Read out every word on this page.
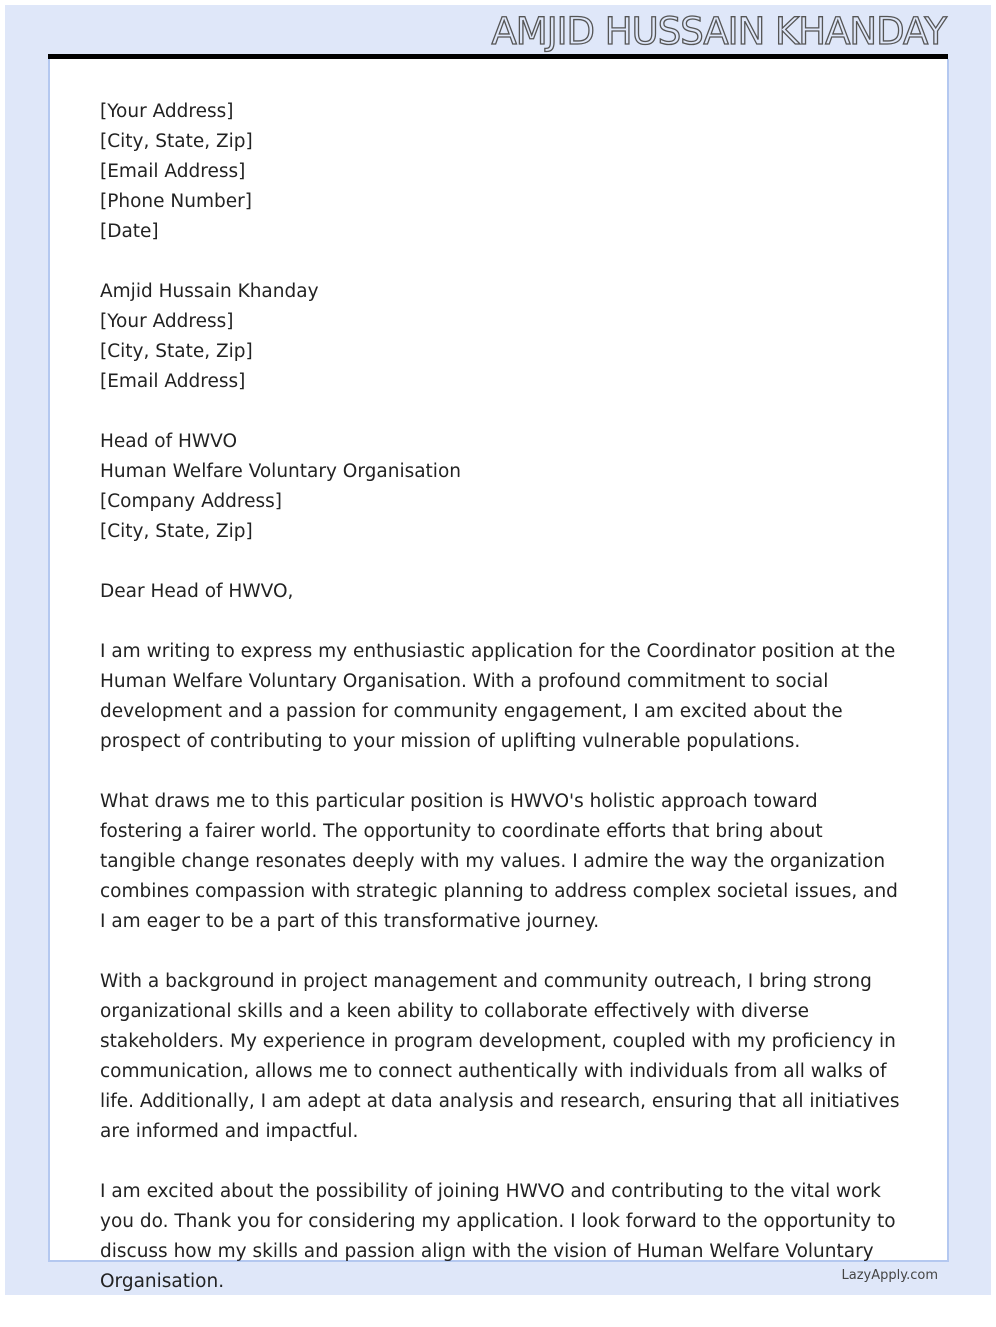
AMJID HUSSAIN KHANDAY

[Your Address]
[City, State, Zip]
[Email Address]
[Phone Number]
[Date]

Amjid Hussain Khanday
[Your Address]
[City, State, Zip]
[Email Address]

Head of HWVO
Human Welfare Voluntary Organisation
[Company Address]
[City, State, Zip]

Dear Head of HWVO,

I am writing to express my enthusiastic application for the Coordinator position at the Human Welfare Voluntary Organisation. With a profound commitment to social development and a passion for community engagement, I am excited about the prospect of contributing to your mission of uplifting vulnerable populations.

What draws me to this particular position is HWVO's holistic approach toward fostering a fairer world. The opportunity to coordinate efforts that bring about tangible change resonates deeply with my values. I admire the way the organization combines compassion with strategic planning to address complex societal issues, and I am eager to be a part of this transformative journey.

With a background in project management and community outreach, I bring strong organizational skills and a keen ability to collaborate effectively with diverse stakeholders. My experience in program development, coupled with my proficiency in communication, allows me to connect authentically with individuals from all walks of life. Additionally, I am adept at data analysis and research, ensuring that all initiatives are informed and impactful.

I am excited about the possibility of joining HWVO and contributing to the vital work you do. Thank you for considering my application. I look forward to the opportunity to discuss how my skills and passion align with the vision of Human Welfare Voluntary Organisation.	LazyApply.com
